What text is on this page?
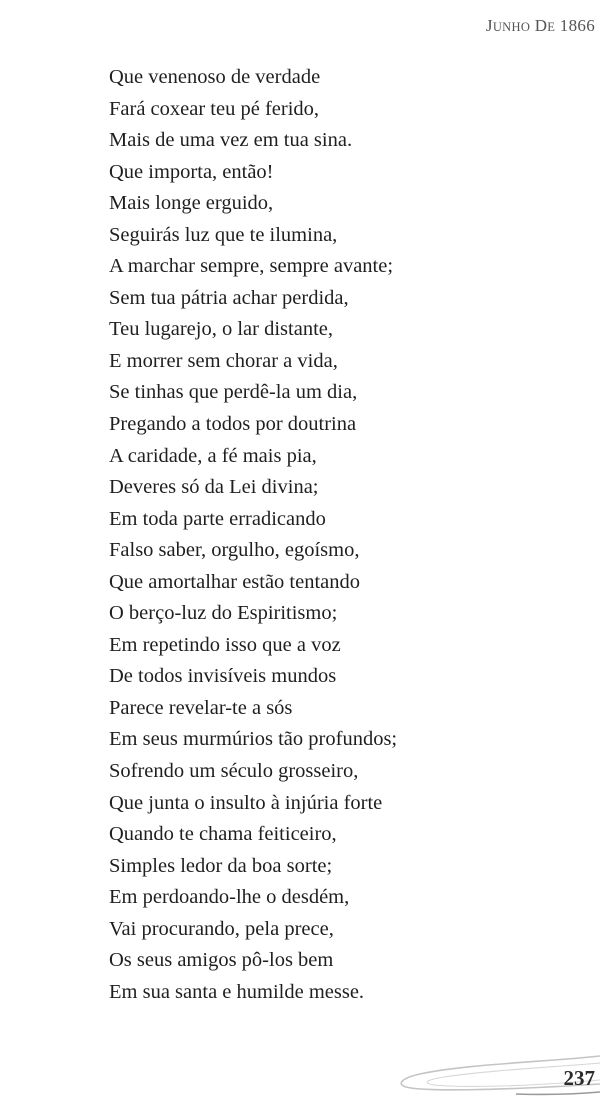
JUNHO DE 1866
Que venenoso de verdade
Fará coxear teu pé ferido,
Mais de uma vez em tua sina.
Que importa, então!
Mais longe erguido,
Seguirás luz que te ilumina,
A marchar sempre, sempre avante;
Sem tua pátria achar perdida,
Teu lugarejo, o lar distante,
E morrer sem chorar a vida,
Se tinhas que perdê-la um dia,
Pregando a todos por doutrina
A caridade, a fé mais pia,
Deveres só da Lei divina;
Em toda parte erradicando
Falso saber, orgulho, egoísmo,
Que amortalhar estão tentando
O berço-luz do Espiritismo;
Em repetindo isso que a voz
De todos invisíveis mundos
Parece revelar-te a sós
Em seus murmúrios tão profundos;
Sofrendo um século grosseiro,
Que junta o insulto à injúria forte
Quando te chama feiticeiro,
Simples ledor da boa sorte;
Em perdoando-lhe o desdém,
Vai procurando, pela prece,
Os seus amigos pô-los bem
Em sua santa e humilde messe.
237
